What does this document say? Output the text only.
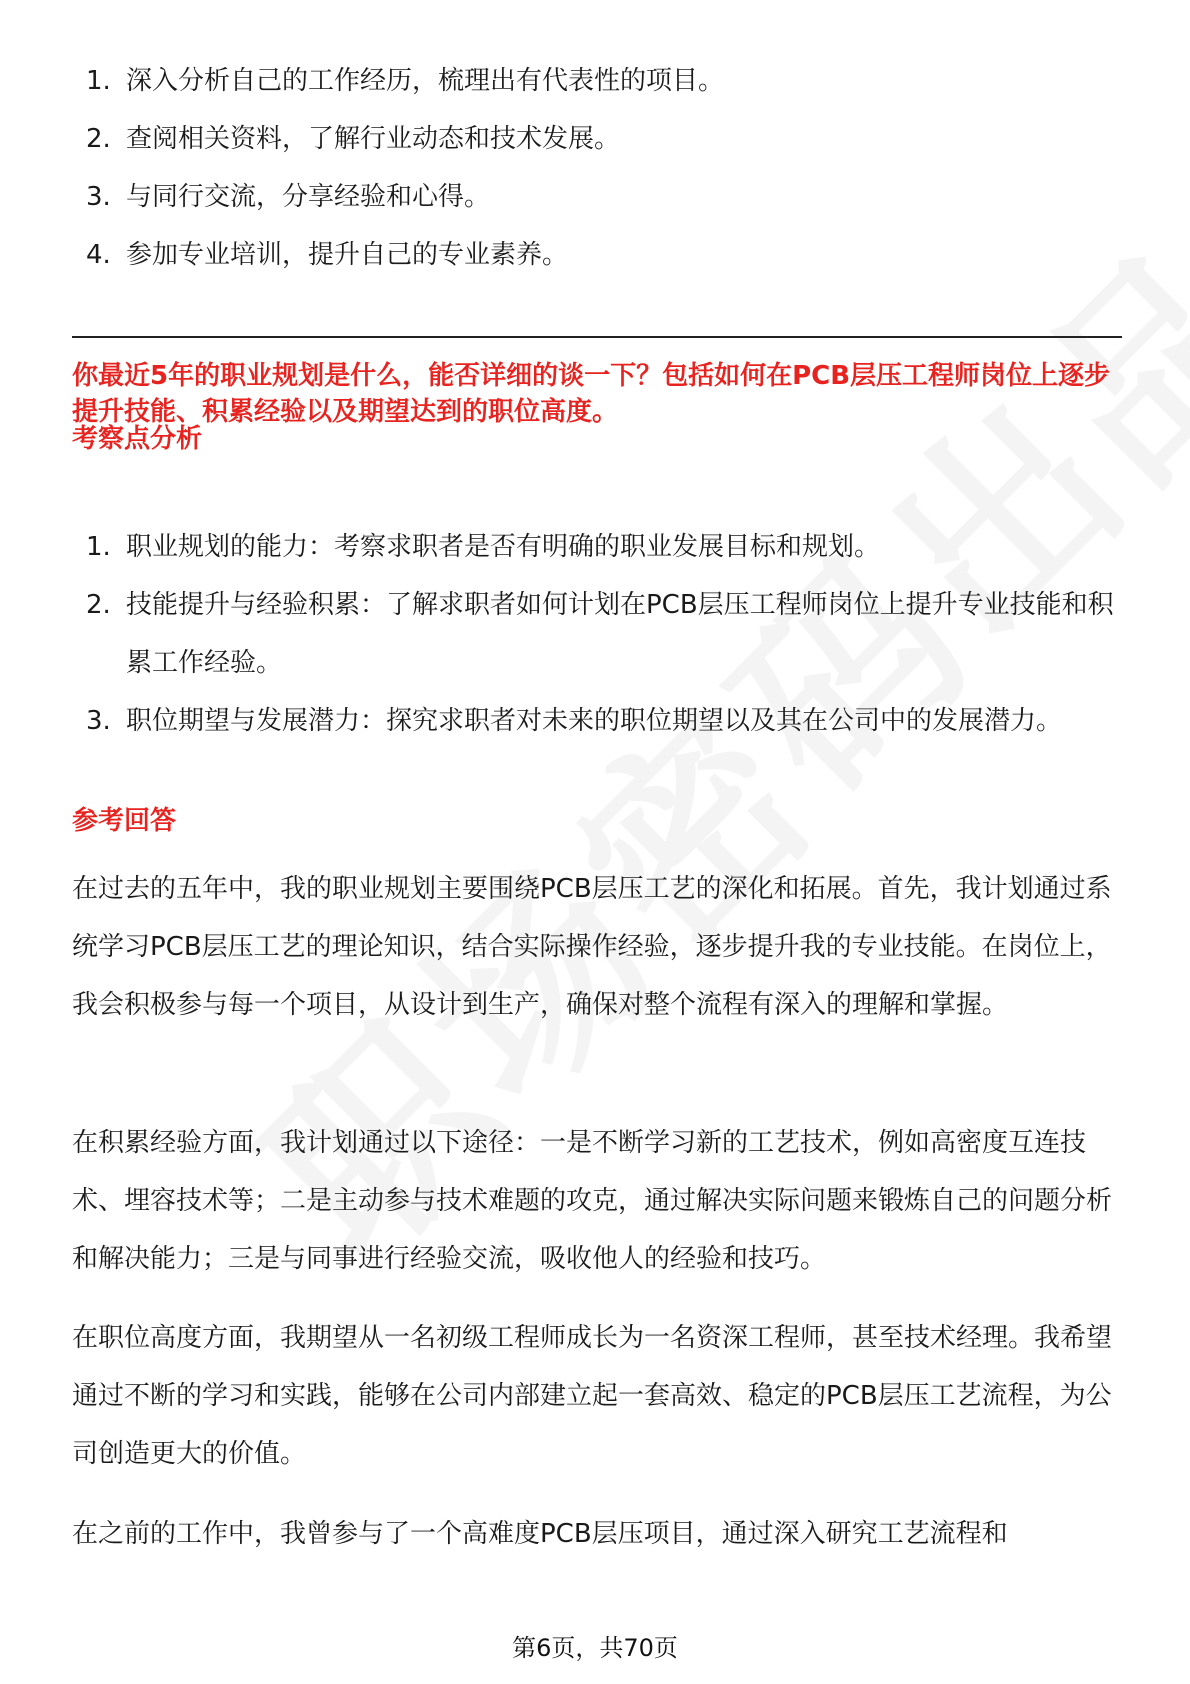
1. 深入分析自己的工作经历，梳理出有代表性的项目。
2. 查阅相关资料，了解行业动态和技术发展。
3. 与同行交流，分享经验和心得。
4. 参加专业培训，提升自己的专业素养。
你最近5年的职业规划是什么，能否详细的谈一下？包括如何在PCB层压工程师岗位上逐步提升技能、积累经验以及期望达到的职位高度。
考察点分析
1. 职业规划的能力：考察求职者是否有明确的职业发展目标和规划。
2. 技能提升与经验积累：了解求职者如何计划在PCB层压工程师岗位上提升专业技能和积累工作经验。
3. 职位期望与发展潜力：探究求职者对未来的职位期望以及其在公司中的发展潜力。
参考回答

在过去的五年中，我的职业规划主要围绕PCB层压工艺的深化和拓展。首先，我计划通过系统学习PCB层压工艺的理论知识，结合实际操作经验，逐步提升我的专业技能。在岗位上，我会积极参与每一个项目，从设计到生产，确保对整个流程有深入的理解和掌握。

在积累经验方面，我计划通过以下途径：一是不断学习新的工艺技术，例如高密度互连技术、埋容技术等；二是主动参与技术难题的攻克，通过解决实际问题来锻炼自己的问题分析和解决能力；三是与同事进行经验交流，吸收他人的经验和技巧。

在职位高度方面，我期望从一名初级工程师成长为一名资深工程师，甚至技术经理。我希望通过不断的学习和实践，能够在公司内部建立起一套高效、稳定的PCB层压工艺流程，为公司创造更大的价值。

在之前的工作中，我曾参与了一个高难度PCB层压项目，通过深入研究工艺流程和

第6页，共70页
